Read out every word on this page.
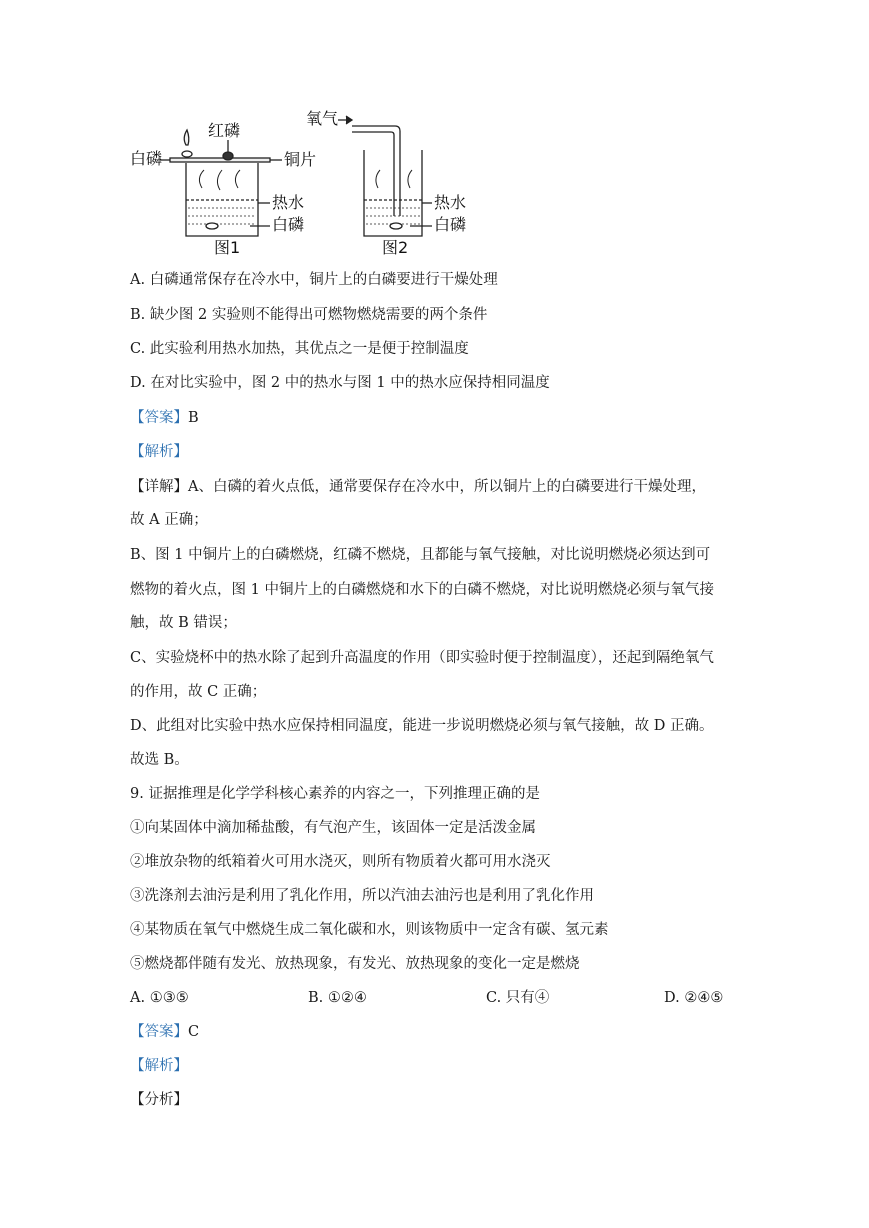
红磷
白磷	铜片
热水
白磷
图1
氧气
热水
白磷
图2
A. 白磷通常保存在冷水中，铜片上的白磷要进行干燥处理
B. 缺少图 2 实验则不能得出可燃物燃烧需要的两个条件
C. 此实验利用热水加热，其优点之一是便于控制温度
D. 在对比实验中，图 2 中的热水与图 1 中的热水应保持相同温度
【答案】B
【解析】
【详解】A、白磷的着火点低，通常要保存在冷水中，所以铜片上的白磷要进行干燥处理，
故 A 正确；
B、图 1 中铜片上的白磷燃烧，红磷不燃烧，且都能与氧气接触，对比说明燃烧必须达到可
燃物的着火点，图 1 中铜片上的白磷燃烧和水下的白磷不燃烧，对比说明燃烧必须与氧气接
触，故 B 错误；
C、实验烧杯中的热水除了起到升高温度的作用（即实验时便于控制温度），还起到隔绝氧气
的作用，故 C 正确；
D、此组对比实验中热水应保持相同温度，能进一步说明燃烧必须与氧气接触，故 D 正确。
故选 B。
9. 证据推理是化学学科核心素养的内容之一，下列推理正确的是
①向某固体中滴加稀盐酸，有气泡产生，该固体一定是活泼金属
②堆放杂物的纸箱着火可用水浇灭，则所有物质着火都可用水浇灭
③洗涤剂去油污是利用了乳化作用，所以汽油去油污也是利用了乳化作用
④某物质在氧气中燃烧生成二氧化碳和水，则该物质中一定含有碳、氢元素
⑤燃烧都伴随有发光、放热现象，有发光、放热现象的变化一定是燃烧
A. ①③⑤	B. ①②④	C. 只有④	D. ②④⑤
【答案】C
【解析】
【分析】
